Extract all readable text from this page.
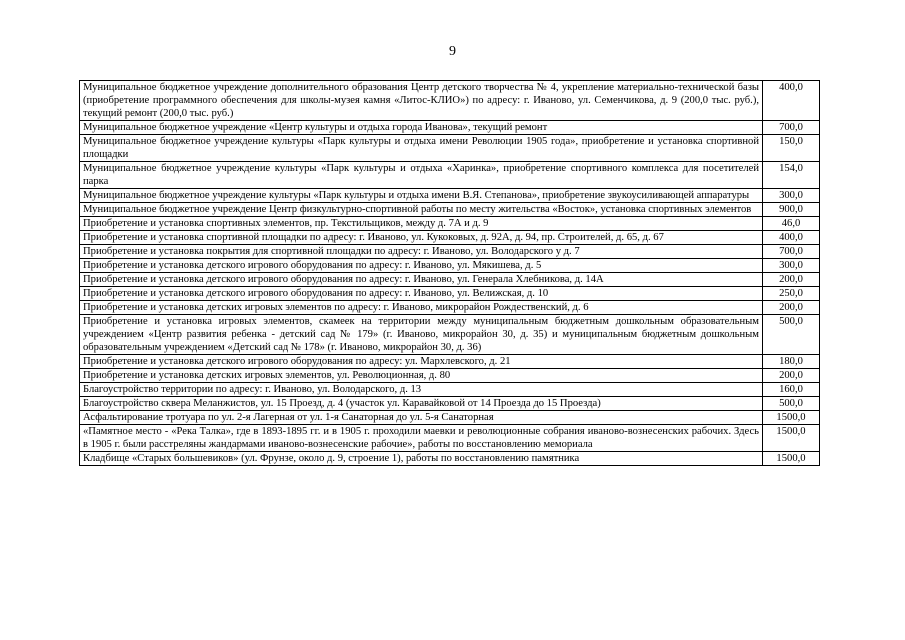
9
Муниципальное бюджетное учреждение дополнительного образования Центр детского творчества № 4, укрепление материально-технической базы (приобретение программного обеспечения для школы-музея камня «Литос-КЛИО») по адресу: г. Иваново, ул. Семенчикова, д. 9 (200,0 тыс. руб.), текущий ремонт (200,0 тыс. руб.)	400,0
Муниципальное бюджетное учреждение «Центр культуры и отдыха города Иванова», текущий ремонт	700,0
Муниципальное бюджетное учреждение культуры «Парк культуры и отдыха имени Революции 1905 года», приобретение и установка спортивной площадки	150,0
Муниципальное бюджетное учреждение культуры «Парк культуры и отдыха «Харинка», приобретение спортивного комплекса для посетителей парка	154,0
Муниципальное бюджетное учреждение культуры «Парк культуры и отдыха имени В.Я. Степанова», приобретение звукоусиливающей аппаратуры	300,0
Муниципальное бюджетное учреждение Центр физкультурно-спортивной работы по месту жительства «Восток», установка спортивных элементов	900,0
Приобретение и установка спортивных элементов, пр. Текстильщиков, между д. 7А и д. 9	46,0
Приобретение и установка спортивной площадки по адресу: г. Иваново, ул. Кукоковых, д. 92А, д. 94, пр. Строителей, д. 65, д. 67	400,0
Приобретение и установка покрытия для спортивной площадки по адресу: г. Иваново, ул. Володарского у д. 7	700,0
Приобретение и установка детского игрового оборудования по адресу: г. Иваново, ул. Мякишева, д. 5	300,0
Приобретение и установка детского игрового оборудования по адресу: г. Иваново, ул. Генерала Хлебникова, д. 14А	200,0
Приобретение и установка детского игрового оборудования по адресу: г. Иваново, ул. Велижская, д. 10	250,0
Приобретение и установка детских игровых элементов по адресу: г. Иваново, микрорайон Рождественский, д. 6	200,0
Приобретение и установка игровых элементов, скамеек на территории между муниципальным бюджетным дошкольным образовательным учреждением «Центр развития ребенка - детский сад № 179» (г. Иваново, микрорайон 30, д. 35) и муниципальным бюджетным дошкольным образовательным учреждением «Детский сад № 178» (г. Иваново, микрорайон 30, д. 36)	500,0
Приобретение и установка детского игрового оборудования по адресу: ул. Мархлевского, д. 21	180,0
Приобретение и установка детских игровых элементов, ул. Революционная, д. 80	200,0
Благоустройство территории по адресу: г. Иваново, ул. Володарского, д. 13	160,0
Благоустройство сквера Меланжистов, ул. 15 Проезд, д. 4 (участок ул. Каравайковой от 14 Проезда до 15 Проезда)	500,0
Асфальтирование тротуара по ул. 2-я Лагерная от ул. 1-я Санаторная до ул. 5-я Санаторная	1500,0
«Памятное место - «Река Талка», где в 1893-1895 гг. и в 1905 г. проходили маевки и революционные собрания иваново-вознесенских рабочих. Здесь в 1905 г. были расстреляны жандармами иваново-вознесенские рабочие», работы по восстановлению мемориала	1500,0
Кладбище «Старых большевиков» (ул. Фрунзе, около д. 9, строение 1), работы по восстановлению памятника	1500,0
